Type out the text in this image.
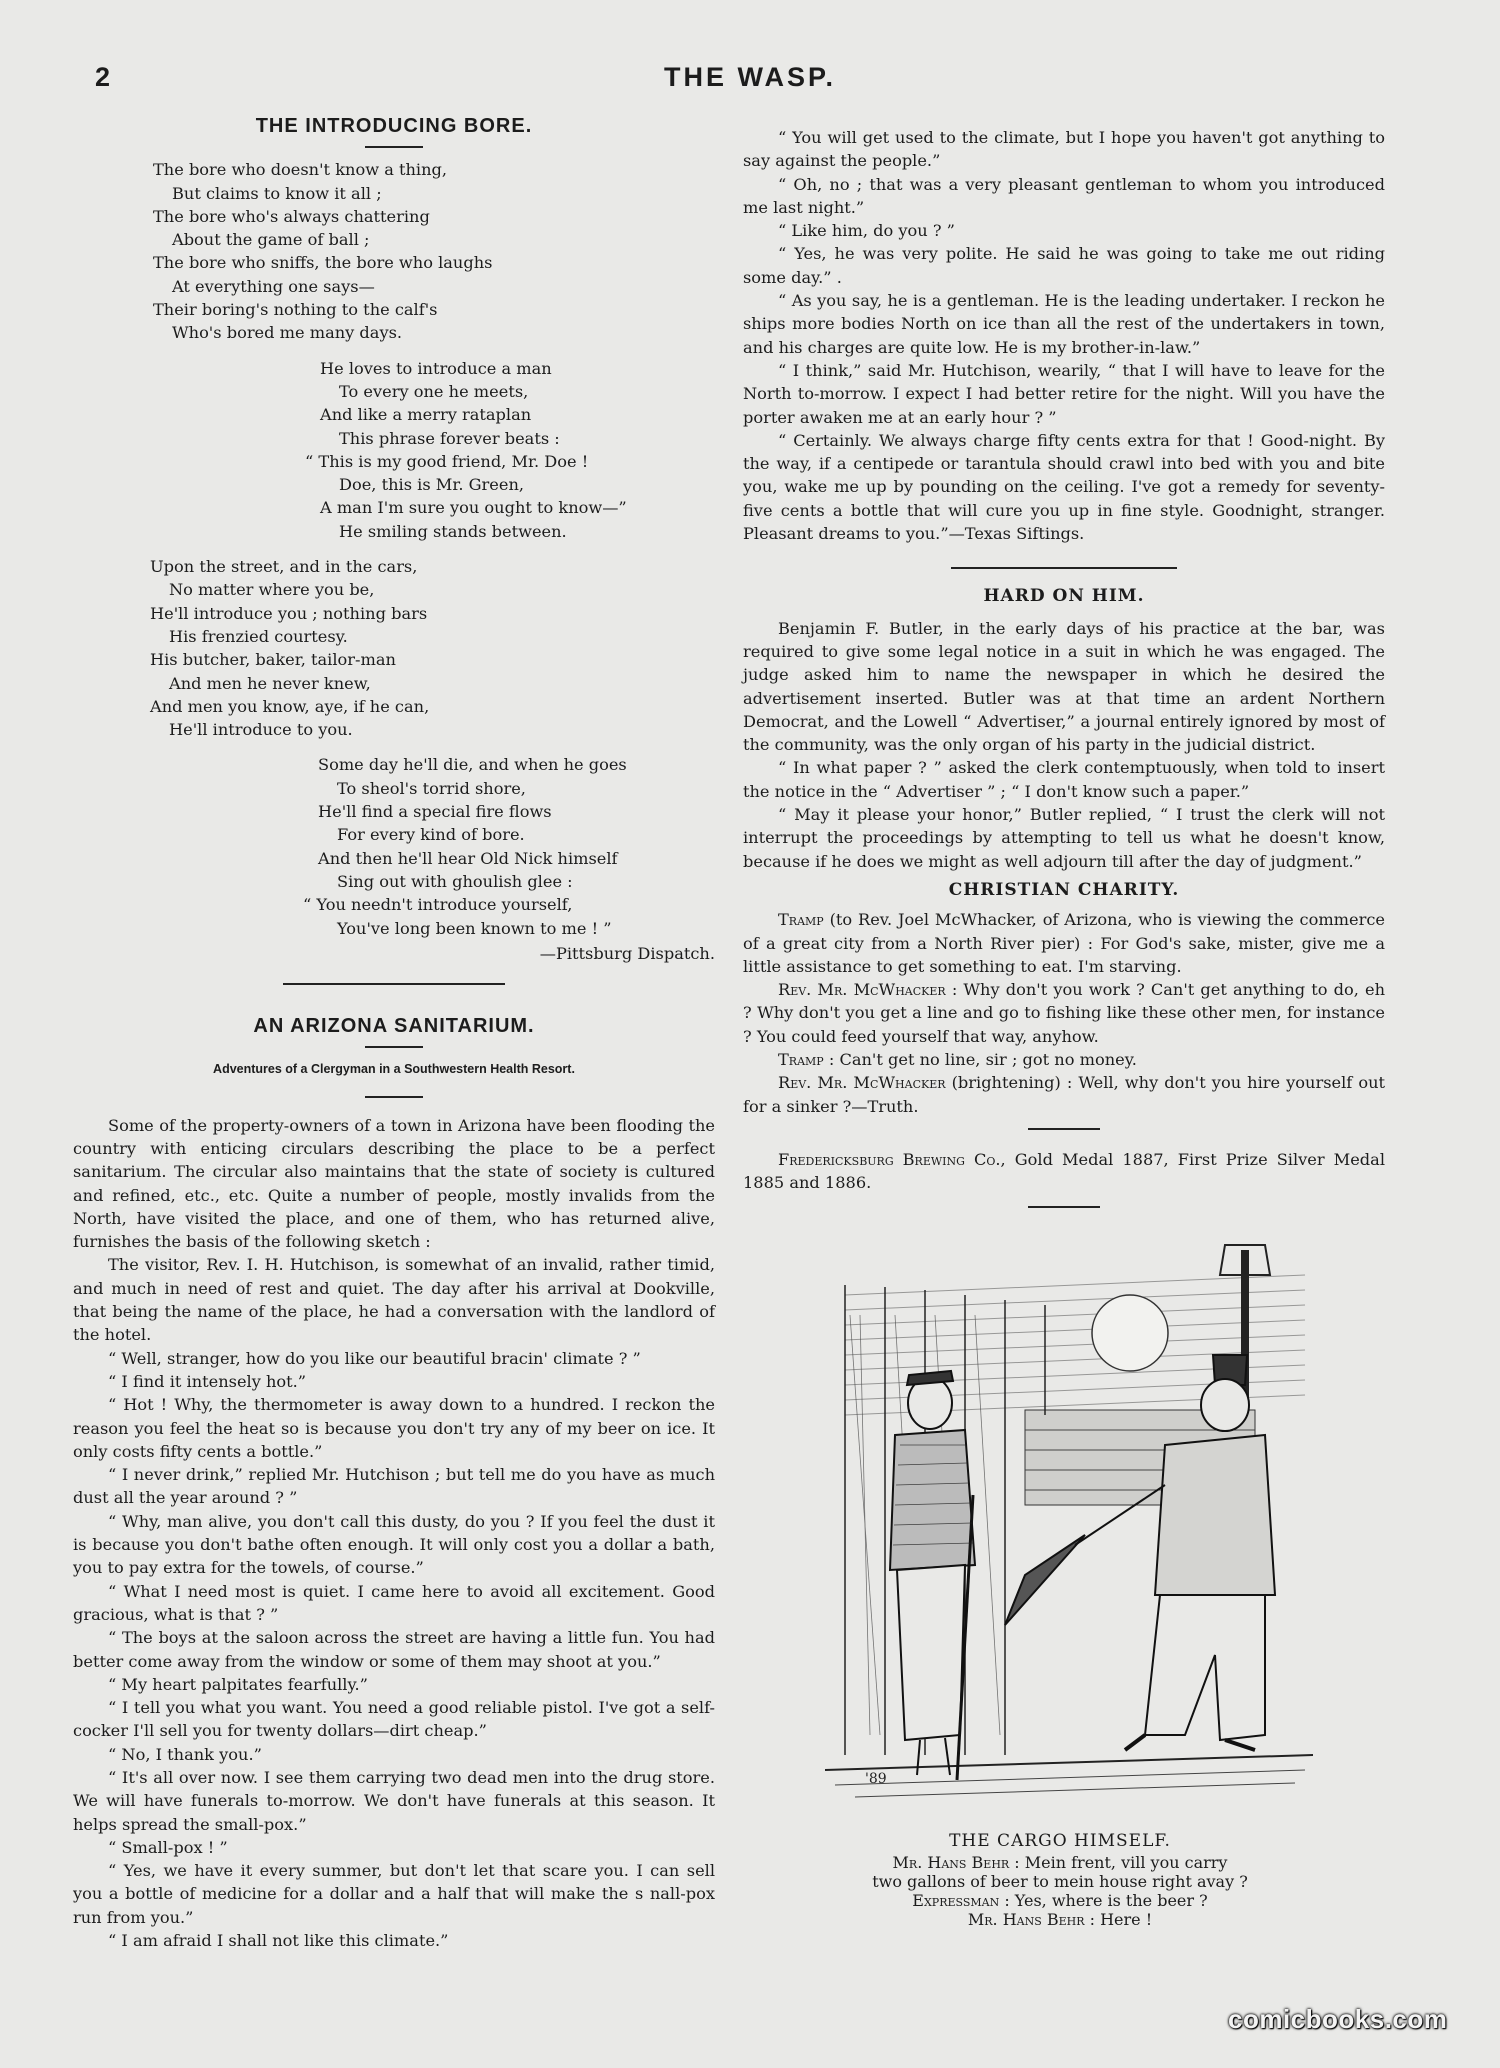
2	THE WASP.
THE INTRODUCING BORE.
The bore who doesn't know a thing,
But claims to know it all ;
The bore who's always chattering
About the game of ball ;
The bore who sniffs, the bore who laughs
At everything one says—
Their boring's nothing to the calf's
Who's bored me many days.
He loves to introduce a man
To every one he meets,
And like a merry rataplan
This phrase forever beats :
“ This is my good friend, Mr. Doe !
Doe, this is Mr. Green,
A man I'm sure you ought to know—”
He smiling stands between.
Upon the street, and in the cars,
No matter where you be,
He'll introduce you ; nothing bars
His frenzied courtesy.
His butcher, baker, tailor-man
And men he never knew,
And men you know, aye, if he can,
He'll introduce to you.
Some day he'll die, and when he goes
To sheol's torrid shore,
He'll find a special fire flows
For every kind of bore.
And then he'll hear Old Nick himself
Sing out with ghoulish glee :
“ You needn't introduce yourself,
You've long been known to me ! ”
—Pittsburg Dispatch.
AN ARIZONA SANITARIUM.
Adventures of a Clergyman in a Southwestern Health Resort.

Some of the property-owners of a town in Arizona have been flooding the country with enticing circulars describing the place to be a perfect sanitarium. The circular also maintains that the state of society is cultured and refined, etc., etc. Quite a number of people, mostly invalids from the North, have visited the place, and one of them, who has returned alive, furnishes the basis of the following sketch :

The visitor, Rev. I. H. Hutchison, is somewhat of an invalid, rather timid, and much in need of rest and quiet. The day after his arrival at Dookville, that being the name of the place, he had a conversation with the landlord of the hotel.

“ Well, stranger, how do you like our beautiful bracin' climate ? ”

“ I find it intensely hot.”

“ Hot ! Why, the thermometer is away down to a hundred. I reckon the reason you feel the heat so is because you don't try any of my beer on ice. It only costs fifty cents a bottle.”

“ I never drink,” replied Mr. Hutchison ; but tell me do you have as much dust all the year around ? ”

“ Why, man alive, you don't call this dusty, do you ? If you feel the dust it is because you don't bathe often enough. It will only cost you a dollar a bath, you to pay extra for the towels, of course.”

“ What I need most is quiet. I came here to avoid all excitement. Good gracious, what is that ? ”

“ The boys at the saloon across the street are having a little fun. You had better come away from the window or some of them may shoot at you.”

“ My heart palpitates fearfully.”

“ I tell you what you want. You need a good reliable pistol. I've got a self-cocker I'll sell you for twenty dollars—dirt cheap.”

“ No, I thank you.”

“ It's all over now. I see them carrying two dead men into the drug store. We will have funerals to-morrow. We don't have funerals at this season. It helps spread the small-pox.”

“ Small-pox ! ”

“ Yes, we have it every summer, but don't let that scare you. I can sell you a bottle of medicine for a dollar and a half that will make the s nall-pox run from you.”

“ I am afraid I shall not like this climate.”

“ You will get used to the climate, but I hope you haven't got anything to say against the people.”

“ Oh, no ; that was a very pleasant gentleman to whom you introduced me last night.”

“ Like him, do you ? ”

“ Yes, he was very polite. He said he was going to take me out riding some day.” .

“ As you say, he is a gentleman. He is the leading undertaker. I reckon he ships more bodies North on ice than all the rest of the undertakers in town, and his charges are quite low. He is my brother-in-law.”

“ I think,” said Mr. Hutchison, wearily, “ that I will have to leave for the North to-morrow. I expect I had better retire for the night. Will you have the porter awaken me at an early hour ? ”

“ Certainly. We always charge fifty cents extra for that ! Good-night. By the way, if a centipede or tarantula should crawl into bed with you and bite you, wake me up by pounding on the ceiling. I've got a remedy for seventy-five cents a bottle that will cure you up in fine style. Goodnight, stranger. Pleasant dreams to you.”—Texas Siftings.

HARD ON HIM.

Benjamin F. Butler, in the early days of his practice at the bar, was required to give some legal notice in a suit in which he was engaged. The judge asked him to name the newspaper in which he desired the advertisement inserted. Butler was at that time an ardent Northern Democrat, and the Lowell “ Advertiser,” a journal entirely ignored by most of the community, was the only organ of his party in the judicial district.

“ In what paper ? ” asked the clerk contemptuously, when told to insert the notice in the “ Advertiser ” ; “ I don't know such a paper.”

“ May it please your honor,” Butler replied, “ I trust the clerk will not interrupt the proceedings by attempting to tell us what he doesn't know, because if he does we might as well adjourn till after the day of judgment.”

CHRISTIAN CHARITY.

Tramp (to Rev. Joel McWhacker, of Arizona, who is viewing the commerce of a great city from a North River pier) : For God's sake, mister, give me a little assistance to get something to eat. I'm starving.

Rev. Mr. McWhacker : Why don't you work ? Can't get anything to do, eh ? Why don't you get a line and go to fishing like these other men, for instance ? You could feed yourself that way, anyhow.

Tramp : Can't get no line, sir ; got no money.

Rev. Mr. McWhacker (brightening) : Well, why don't you hire yourself out for a sinker ?—Truth.

Fredericksburg Brewing Co., Gold Medal 1887, First Prize Silver Medal 1885 and 1886.

'89
THE CARGO HIMSELF.
Mr. Hans Behr : Mein frent, vill you carry
two gallons of beer to mein house right avay ?
Expressman : Yes, where is the beer ?
Mr. Hans Behr : Here !
comicbooks.com
